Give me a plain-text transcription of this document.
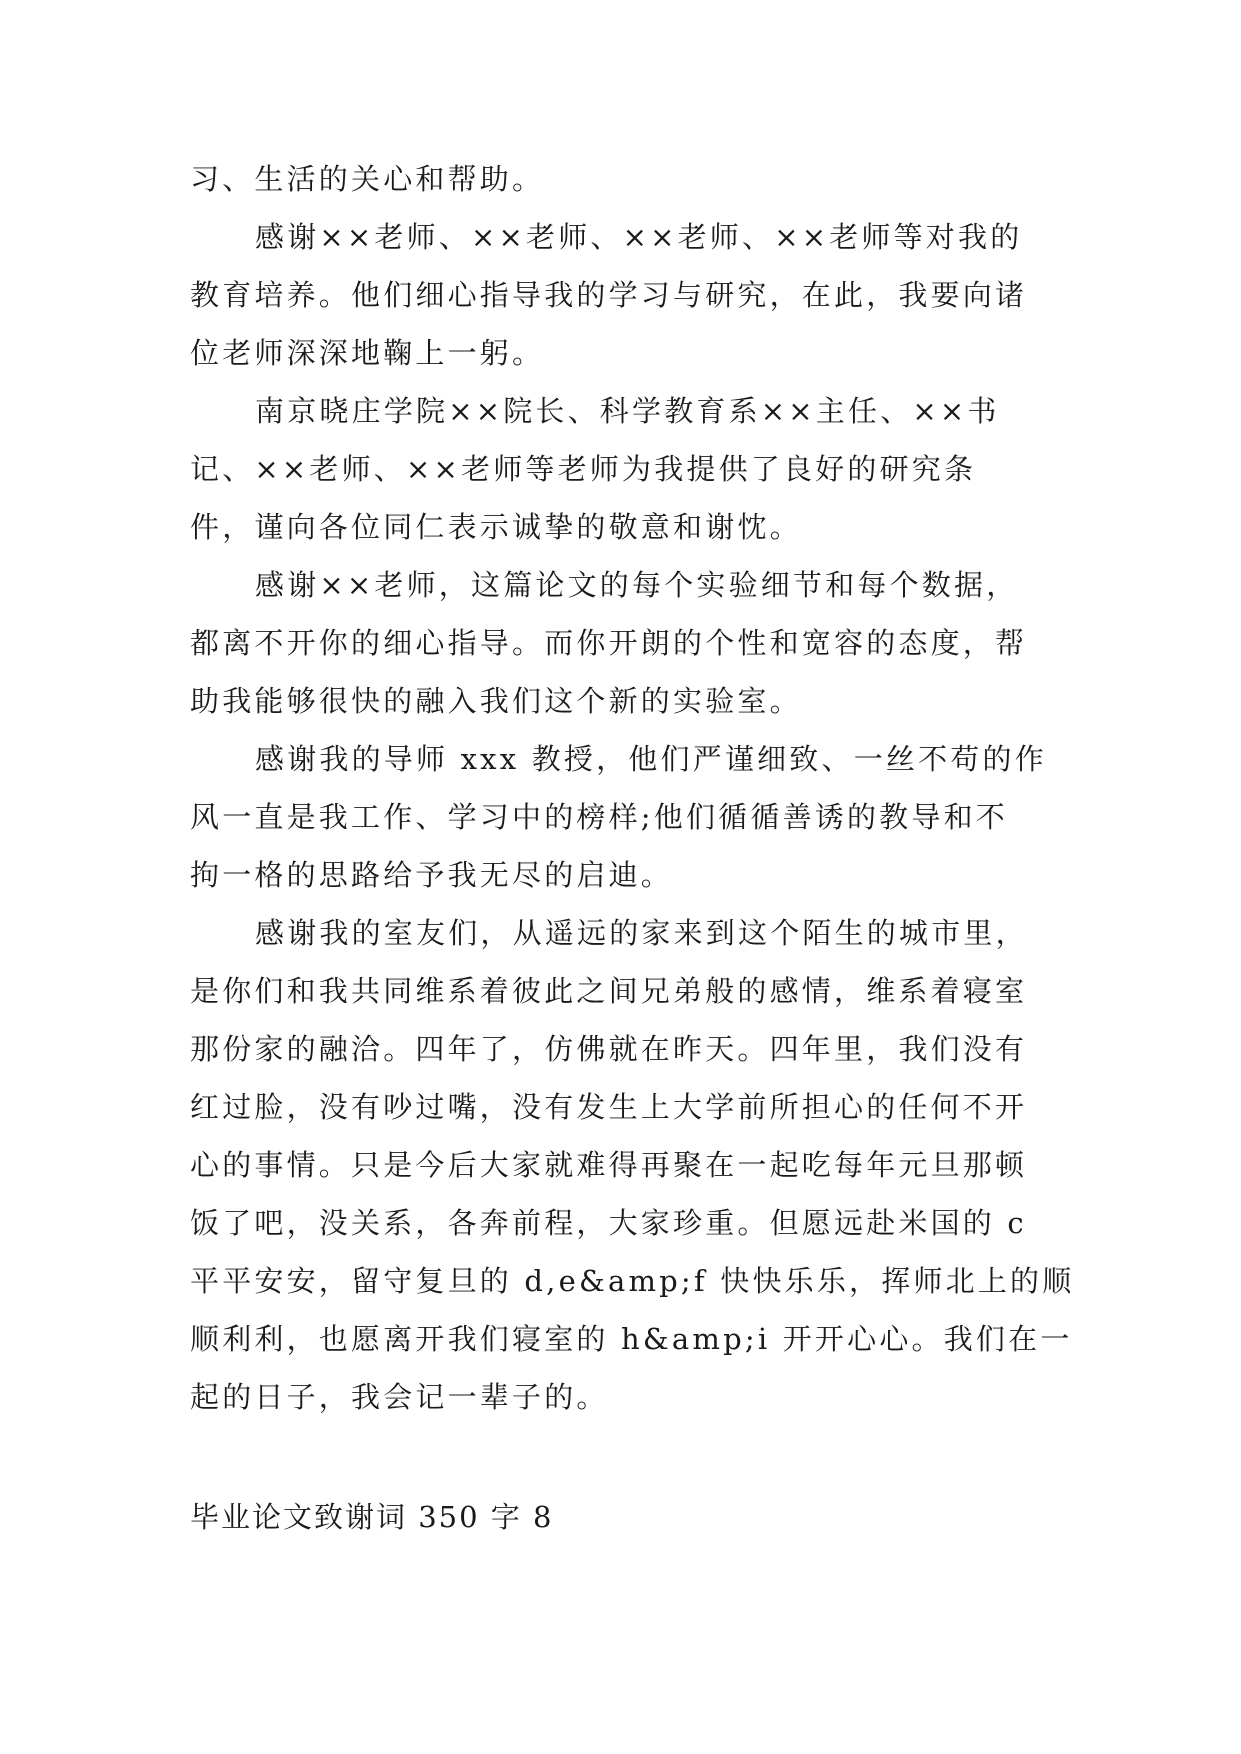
习、生活的关心和帮助。
感谢××老师、××老师、××老师、××老师等对我的
教育培养。他们细心指导我的学习与研究，在此，我要向诸
位老师深深地鞠上一躬。
南京晓庄学院××院长、科学教育系××主任、××书
记、××老师、××老师等老师为我提供了良好的研究条
件，谨向各位同仁表示诚挚的敬意和谢忱。
感谢××老师，这篇论文的每个实验细节和每个数据，
都离不开你的细心指导。而你开朗的个性和宽容的态度，帮
助我能够很快的融入我们这个新的实验室。
感谢我的导师 xxx 教授，他们严谨细致、一丝不苟的作
风一直是我工作、学习中的榜样;他们循循善诱的教导和不
拘一格的思路给予我无尽的启迪。
感谢我的室友们，从遥远的家来到这个陌生的城市里，
是你们和我共同维系着彼此之间兄弟般的感情，维系着寝室
那份家的融洽。四年了，仿佛就在昨天。四年里，我们没有
红过脸，没有吵过嘴，没有发生上大学前所担心的任何不开
心的事情。只是今后大家就难得再聚在一起吃每年元旦那顿
饭了吧，没关系，各奔前程，大家珍重。但愿远赴米国的 c
平平安安，留守复旦的 d,e&amp;f 快快乐乐，挥师北上的顺
顺利利，也愿离开我们寝室的 h&amp;i 开开心心。我们在一
起的日子，我会记一辈子的。
毕业论文致谢词 350 字 8
